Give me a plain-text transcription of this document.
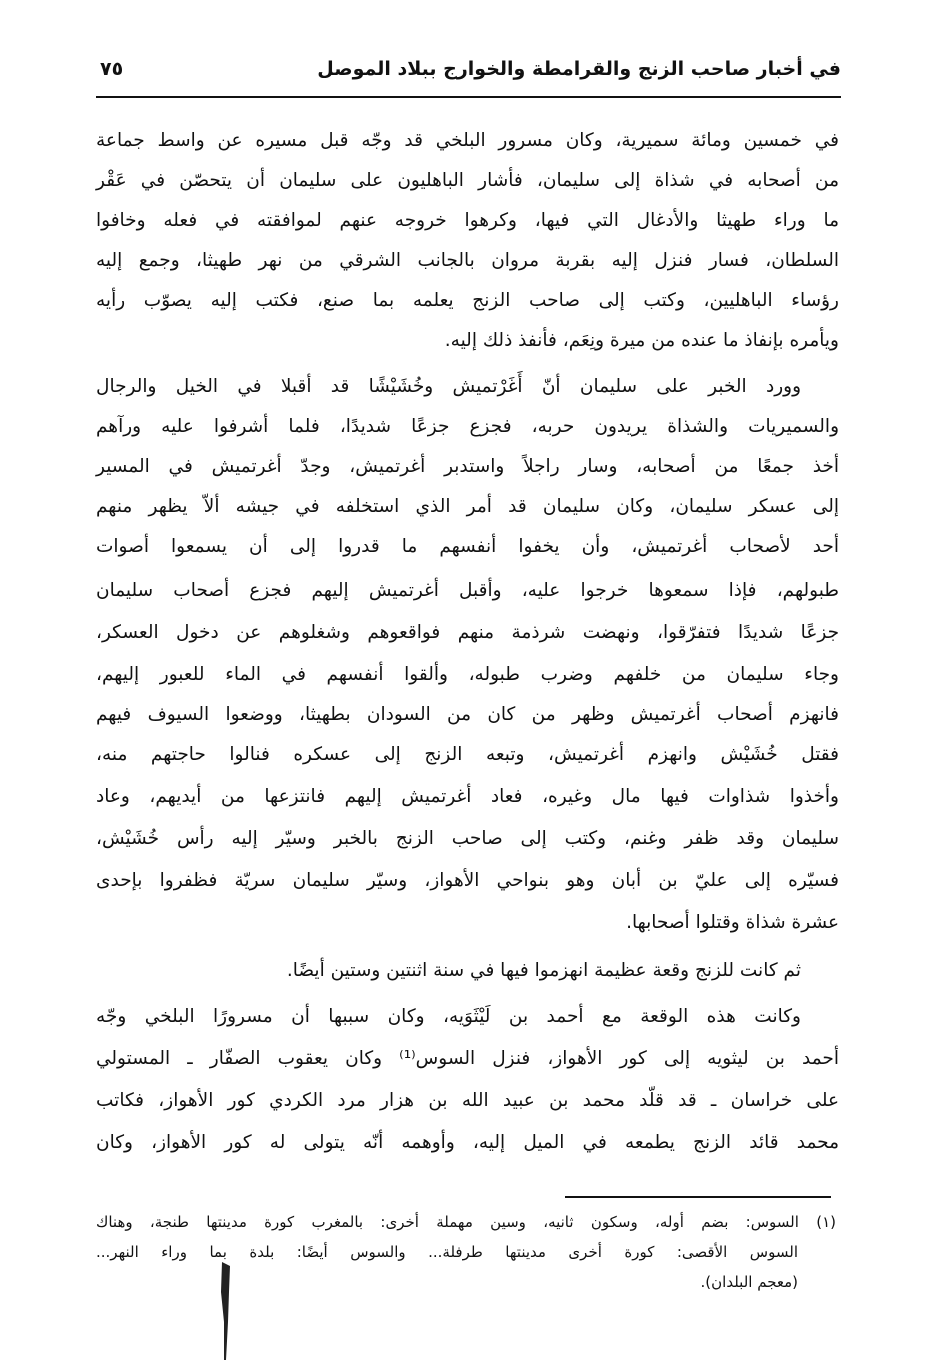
في أخبار صاحب الزنج والقرامطة والخوارج ببلاد الموصل
٧٥
في خمسين ومائة سميرية، وكان مسرور البلخي قد وجّه قبل مسيره عن واسط جماعة
من أصحابه في شذاة إلى سليمان، فأشار الباهليون على سليمان أن يتحصّن في عَقْر
ما وراء طهيثا والأدغال التي فيها، وكرهوا خروجه عنهم لموافقته في فعله وخافوا
السلطان، فسار فنزل إليه بقربة مروان بالجانب الشرقي من نهر طهيثا، وجمع إليه
رؤساء الباهليين، وكتب إلى صاحب الزنج يعلمه بما صنع، فكتب إليه يصوّب رأيه
ويأمره بإنفاذ ما عنده من ميرة ونِعَم، فأنفذ ذلك إليه.
وورد الخبر على سليمان أنّ أَغَرْتميش وخُشَيْشًا قد أقبلا في الخيل والرجال
والسميريات والشذاة يريدون حربه، فجزع جزعًا شديدًا، فلما أشرفوا عليه ورآهم
أخذ جمعًا من أصحابه، وسار راجلاً واستدبر أغرتميش، وجدّ أغرتميش في المسير
إلى عسكر سليمان، وكان سليمان قد أمر الذي استخلفه في جيشه ألاّ يظهر منهم
أحد لأصحاب أغرتميش، وأن يخفوا أنفسهم ما قدروا إلى أن يسمعوا أصوات
طبولهم، فإذا سمعوها خرجوا عليه، وأقبل أغرتميش إليهم فجزع أصحاب سليمان
جزعًا شديدًا فتفرّقوا، ونهضت شرذمة منهم فواقعوهم وشغلوهم عن دخول العسكر،
وجاء سليمان من خلفهم وضرب طبوله، وألقوا أنفسهم في الماء للعبور إليهم،
فانهزم أصحاب أغرتميش وظهر من كان من السودان بطهيثا، ووضعوا السيوف فيهم
فقتل خُشَيْش وانهزم أغرتميش، وتبعه الزنج إلى عسكره فنالوا حاجتهم منه،
وأخذوا شذاوات فيها مال وغيره، فعاد أغرتميش إليهم فانتزعها من أيديهم، وعاد
سليمان وقد ظفر وغنم، وكتب إلى صاحب الزنج بالخبر وسيّر إليه رأس خُشَيْش،
فسيّره إلى عليّ بن أبان وهو بنواحي الأهواز، وسيّر سليمان سريّة فظفروا بإحدى
عشرة شذاة وقتلوا أصحابها.
ثم كانت للزنج وقعة عظيمة انهزموا فيها في سنة اثنتين وستين أيضًا.
وكانت هذه الوقعة مع أحمد بن لَيْثَوَيه، وكان سببها أن مسرورًا البلخي وجّه
أحمد بن ليثويه إلى كور الأهواز، فنزل السوس⁽¹⁾ وكان يعقوب الصفّار ـ المستولي
على خراسان ـ قد قلّد محمد بن عبيد الله بن هزار مرد الكردي كور الأهواز، فكاتب
محمد قائد الزنج يطمعه في الميل إليه، وأوهمه أنّه يتولى له كور الأهواز، وكان
(١) السوس: بضم أوله، وسكون ثانيه، وسين مهملة أخرى: بالمغرب كورة مدينتها طنجة، وهناك
السوس الأقصى: كورة أخرى مدينتها طرفلة... والسوس أيضًا: بلدة بما وراء النهر...
(معجم البلدان).
